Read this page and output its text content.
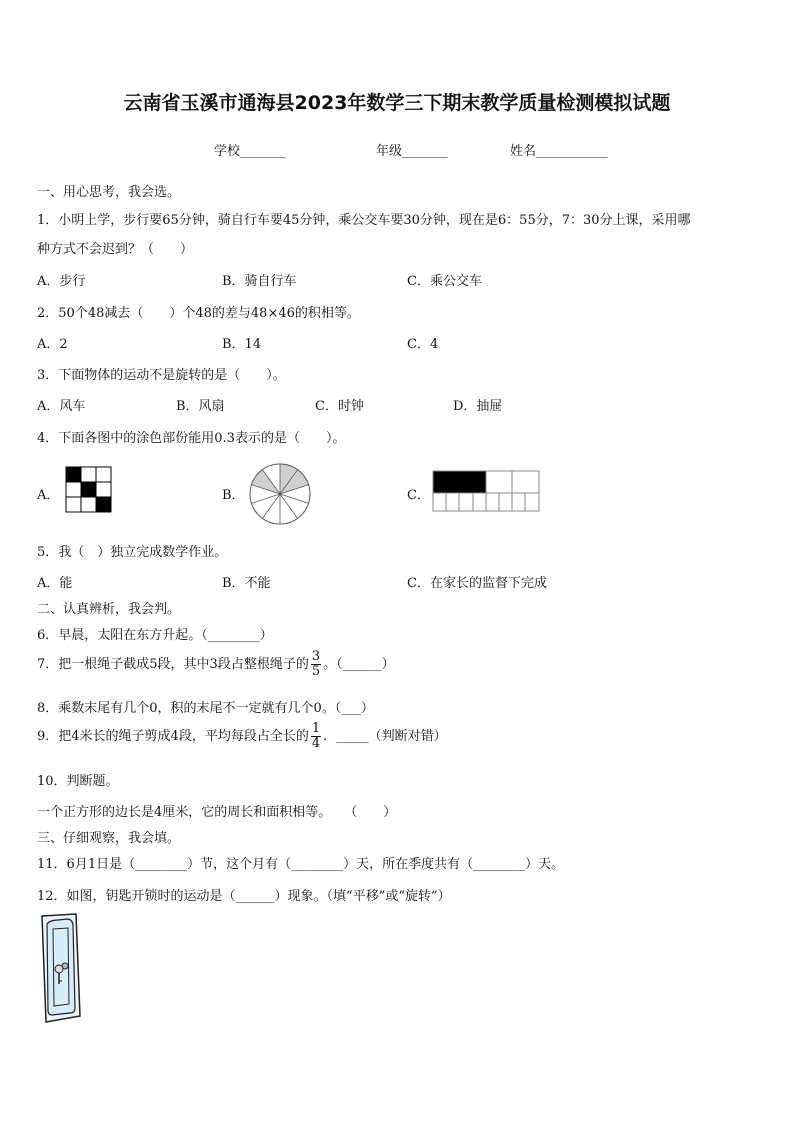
云南省玉溪市通海县2023年数学三下期末教学质量检测模拟试题
学校_______	年级_______	姓名___________
一、用心思考，我会选。
1．小明上学，步行要65分钟，骑自行车要45分钟，乘公交车要30分钟，现在是6：55分，7：30分上课，采用哪
种方式不会迟到？（　　）
A．步行	B．骑自行车	C．乘公交车
2．50个48减去（　　）个48的差与48×46的积相等。
A．2	B．14	C．4
3．下面物体的运动不是旋转的是（　　）。
A．风车	B．风扇	C．时钟	D．抽屉
4．下面各图中的涂色部份能用0.3表示的是（　　）。
A．	B．	C．
5．我（　）独立完成数学作业。
A．能	B．不能	C．在家长的监督下完成
二、认真辨析，我会判。
6．早晨，太阳在东方升起。（________）
7．把一根绳子截成5段，其中3段占整根绳子的 $\frac{3}{5}$ 。（______）
8．乘数末尾有几个0，积的末尾不一定就有几个0。（___）
9．把4米长的绳子剪成4段，平均每段占全长的 $\frac{1}{4}$ ．_____（判断对错）
10．判断题。
一个正方形的边长是4厘米，它的周长和面积相等。　　（　　）
三、仔细观察，我会填。
11．6月1日是（________）节，这个月有（________）天，所在季度共有（________）天。
12．如图，钥匙开锁时的运动是（______）现象。（填“平移”或“旋转”）
